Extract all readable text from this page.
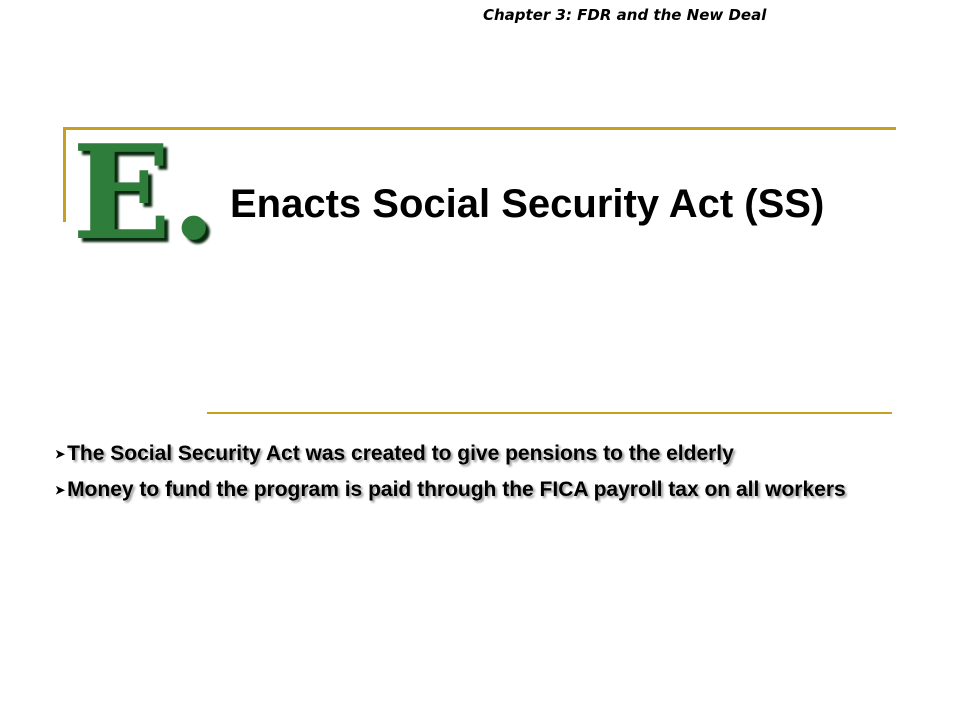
Chapter 3: FDR and the New Deal
E. Enacts Social Security Act (SS)
➤The Social Security Act was created to give pensions to the elderly
➤Money to fund the program is paid through the FICA payroll tax on all workers
